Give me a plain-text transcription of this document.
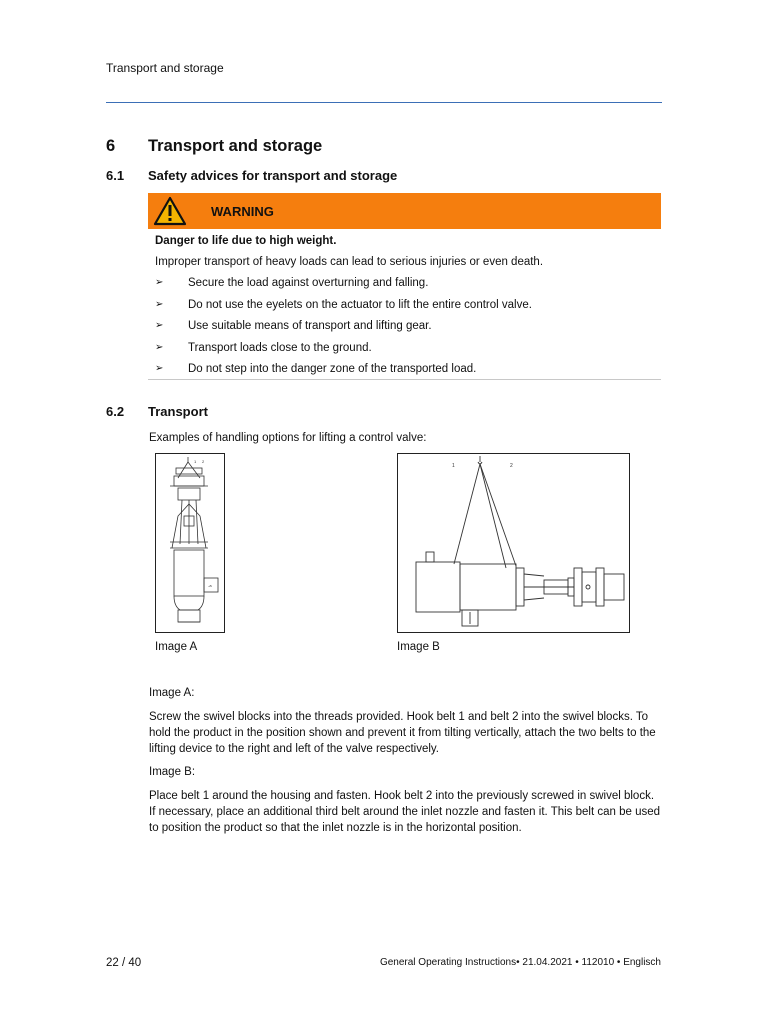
Transport and storage
6 Transport and storage
6.1 Safety advices for transport and storage
WARNING
Danger to life due to high weight.
Improper transport of heavy loads can lead to serious injuries or even death.
➢ Secure the load against overturning and falling.
➢ Do not use the eyelets on the actuator to lift the entire control valve.
➢ Use suitable means of transport and lifting gear.
➢ Transport loads close to the ground.
➢ Do not step into the danger zone of the transported load.
6.2 Transport
Examples of handling options for lifting a control valve:
1 2
-a
Image A
1	2
Image B
Image A:
Screw the swivel blocks into the threads provided. Hook belt 1 and belt 2 into the swivel blocks. To hold the product in the position shown and prevent it from tilting vertically, attach the two belts to the lifting device to the right and left of the valve respectively.
Image B:
Place belt 1 around the housing and fasten. Hook belt 2 into the previously screwed in swivel block. If necessary, place an additional third belt around the inlet nozzle and fasten it. This belt can be used to position the product so that the inlet nozzle is in the horizontal position.
22 / 40	General Operating Instructions• 21.04.2021 • 112010 • Englisch
